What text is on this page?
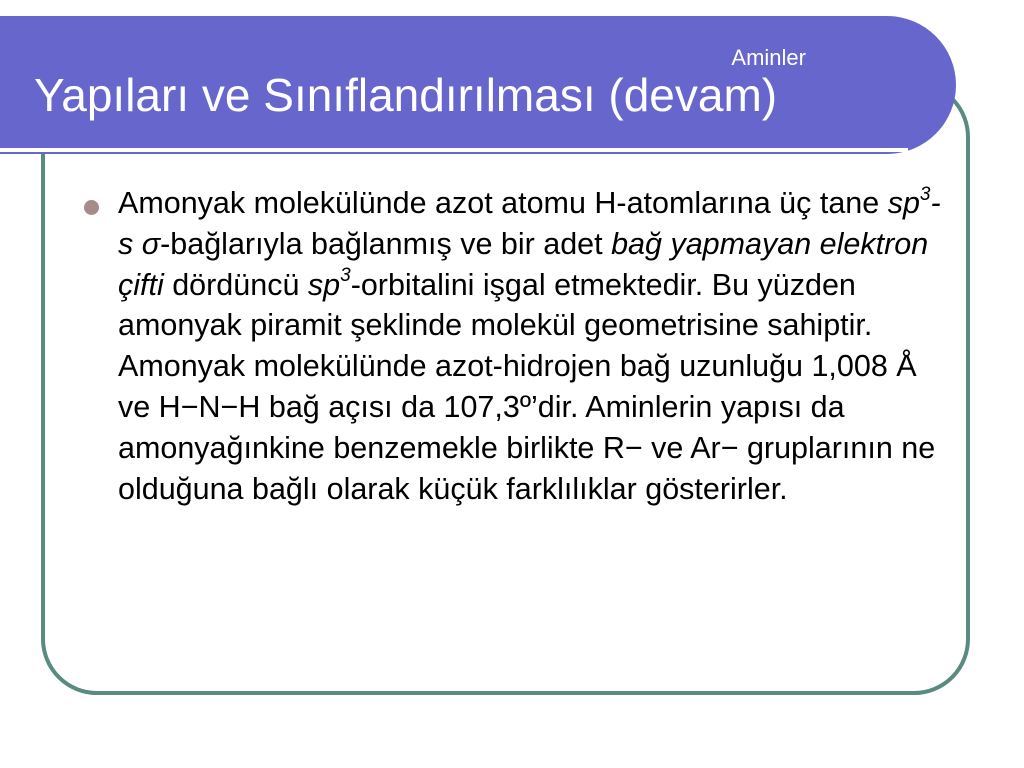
Aminler
Yapıları ve Sınıflandırılması (devam)

Amonyak molekülünde azot atomu H-atomlarına üç tane $sp^3-s$ σ-bağlarıyla bağlanmış ve bir adet bağ yapmayan elektron çifti dördüncü $sp^3$-orbitalini işgal etmektedir. Bu yüzden amonyak piramit şeklinde molekül geometrisine sahiptir. Amonyak molekülünde azot-hidrojen bağ uzunluğu 1,008 Å ve H−N−H bağ açısı da 107,3º’dir. Aminlerin yapısı da amonyağınkine benzemekle birlikte R− ve Ar− gruplarının ne olduğuna bağlı olarak küçük farklılıklar gösterirler.
